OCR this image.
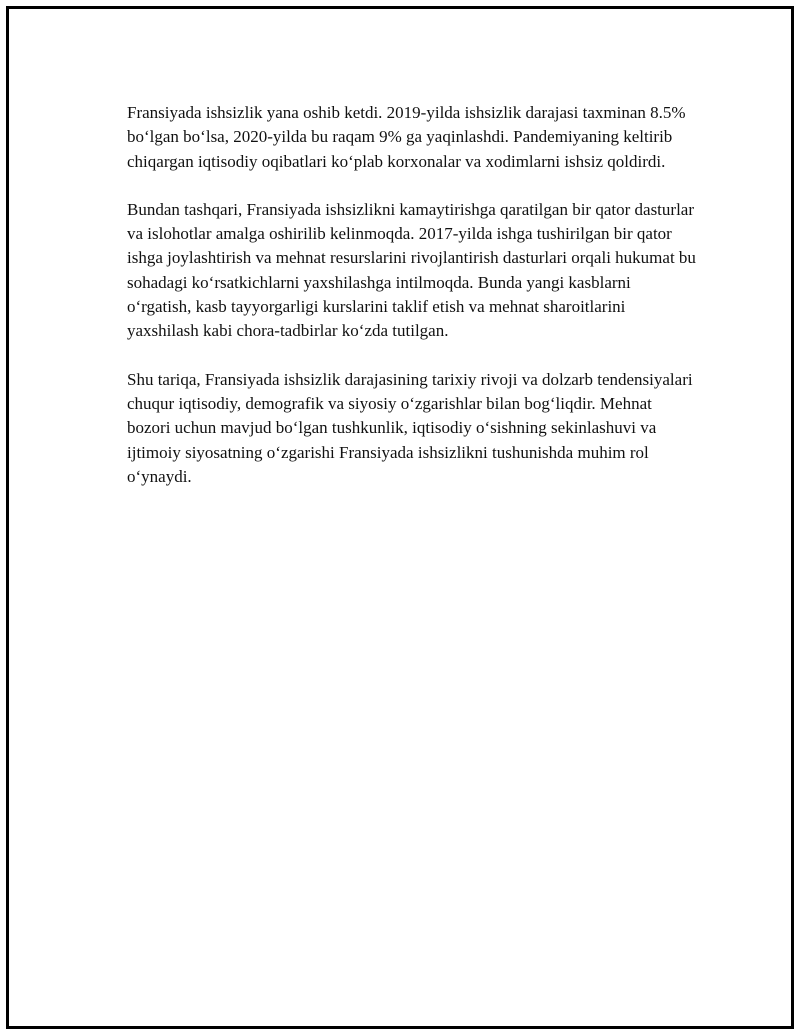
Fransiyada ishsizlik yana oshib ketdi. 2019-yilda ishsizlik darajasi taxminan 8.5% bo‘lgan bo‘lsa, 2020-yilda bu raqam 9% ga yaqinlashdi. Pandemiyaning keltirib chiqargan iqtisodiy oqibatlari ko‘plab korxonalar va xodimlarni ishsiz qoldirdi.

Bundan tashqari, Fransiyada ishsizlikni kamaytirishga qaratilgan bir qator dasturlar va islohotlar amalga oshirilib kelinmoqda. 2017-yilda ishga tushirilgan bir qator ishga joylashtirish va mehnat resurslarini rivojlantirish dasturlari orqali hukumat bu sohadagi ko‘rsatkichlarni yaxshilashga intilmoqda. Bunda yangi kasblarni o‘rgatish, kasb tayyorgarligi kurslarini taklif etish va mehnat sharoitlarini yaxshilash kabi chora-tadbirlar ko‘zda tutilgan.

Shu tariqa, Fransiyada ishsizlik darajasining tarixiy rivoji va dolzarb tendensiyalari chuqur iqtisodiy, demografik va siyosiy o‘zgarishlar bilan bog‘liqdir. Mehnat bozori uchun mavjud bo‘lgan tushkunlik, iqtisodiy o‘sishning sekinlashuvi va ijtimoiy siyosatning o‘zgarishi Fransiyada ishsizlikni tushunishda muhim rol o‘ynaydi.
